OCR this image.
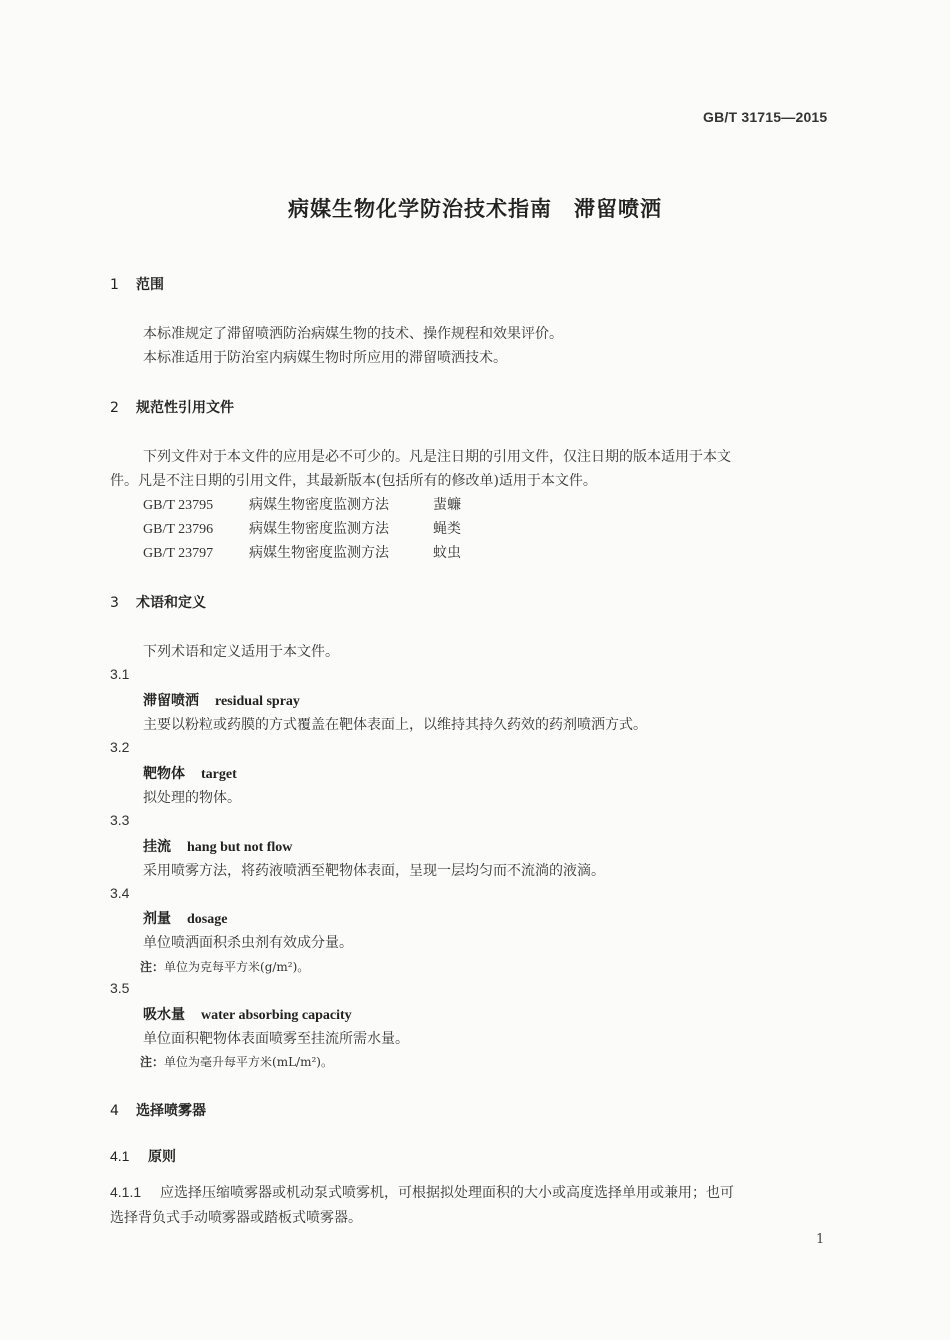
GB/T 31715—2015
病媒生物化学防治技术指南　滞留喷洒
1 范围
本标准规定了滞留喷洒防治病媒生物的技术、操作规程和效果评价。
本标准适用于防治室内病媒生物时所应用的滞留喷洒技术。
2 规范性引用文件
下列文件对于本文件的应用是必不可少的。凡是注日期的引用文件，仅注日期的版本适用于本文
件。凡是不注日期的引用文件，其最新版本(包括所有的修改单)适用于本文件。
GB/T 23795	病媒生物密度监测方法	蜚蠊
GB/T 23796	病媒生物密度监测方法	蝇类
GB/T 23797	病媒生物密度监测方法	蚊虫
3 术语和定义
下列术语和定义适用于本文件。
3.1
滞留喷洒 residual spray
主要以粉粒或药膜的方式覆盖在靶体表面上，以维持其持久药效的药剂喷洒方式。
3.2
靶物体 target
拟处理的物体。
3.3
挂流 hang but not flow
采用喷雾方法，将药液喷洒至靶物体表面，呈现一层均匀而不流淌的液滴。
3.4
剂量 dosage
单位喷洒面积杀虫剂有效成分量。
注：单位为克每平方米(g/m²)。
3.5
吸水量 water absorbing capacity
单位面积靶物体表面喷雾至挂流所需水量。
注：单位为毫升每平方米(mL/m²)。
4 选择喷雾器
4.1 原则
4.1.1 应选择压缩喷雾器或机动泵式喷雾机，可根据拟处理面积的大小或高度选择单用或兼用；也可
选择背负式手动喷雾器或踏板式喷雾器。
1
